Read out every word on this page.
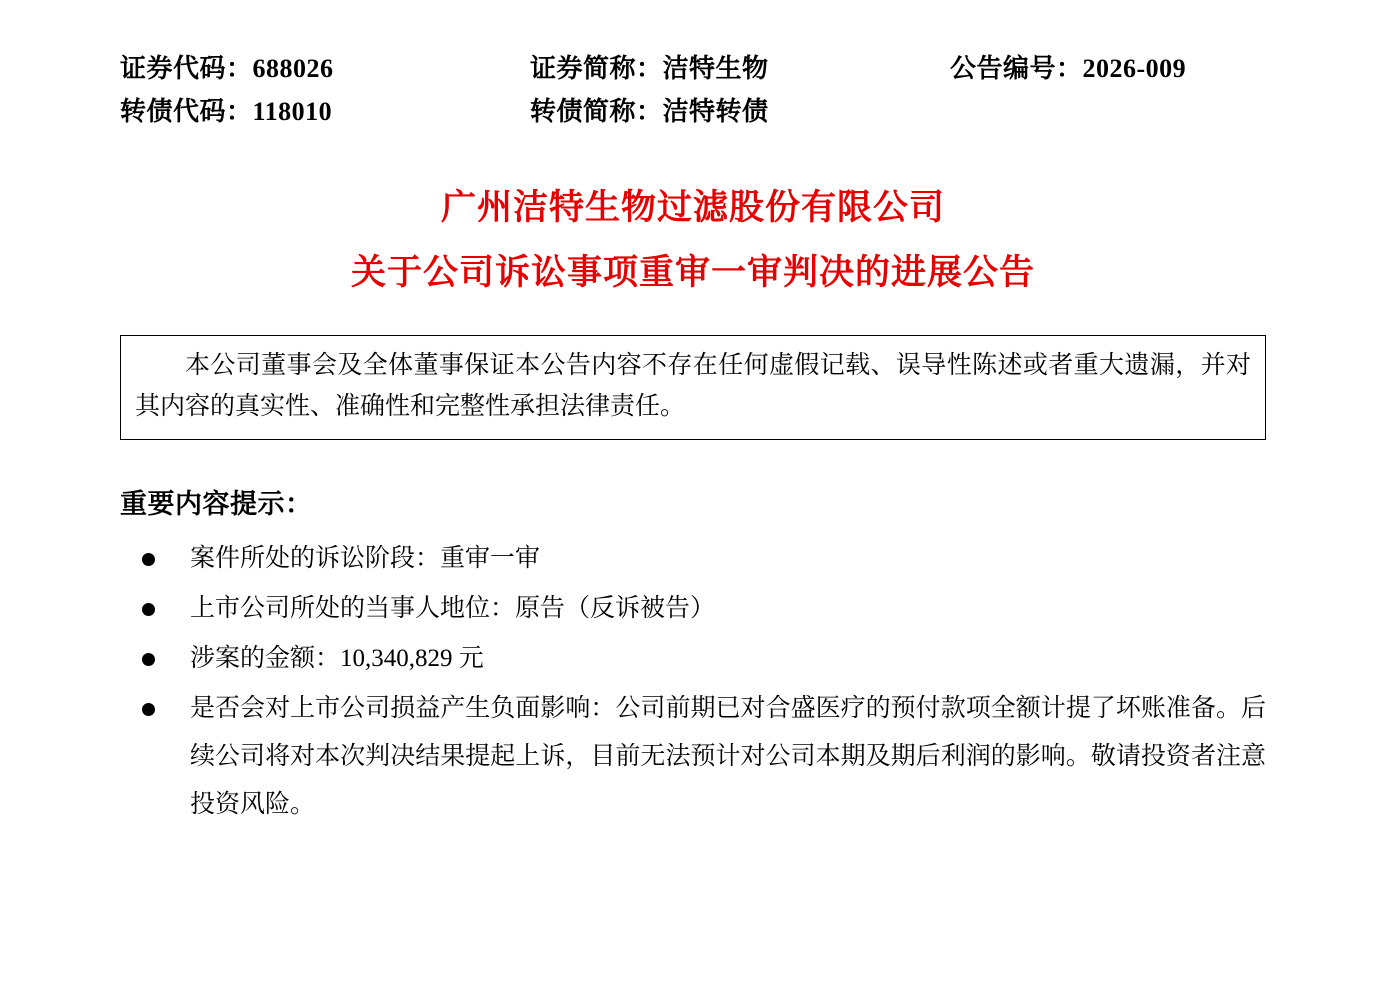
证券代码：688026	证券简称：洁特生物	公告编号：2026-009
转债代码：118010	转债简称：洁特转债
广州洁特生物过滤股份有限公司
关于公司诉讼事项重审一审判决的进展公告

本公司董事会及全体董事保证本公告内容不存在任何虚假记载、误导性陈述或者重大遗漏，并对其内容的真实性、准确性和完整性承担法律责任。

重要内容提示：
案件所处的诉讼阶段：重审一审
上市公司所处的当事人地位：原告（反诉被告）
涉案的金额：10,340,829 元
是否会对上市公司损益产生负面影响：公司前期已对合盛医疗的预付款项全额计提了坏账准备。后续公司将对本次判决结果提起上诉，目前无法预计对公司本期及期后利润的影响。敬请投资者注意投资风险。
